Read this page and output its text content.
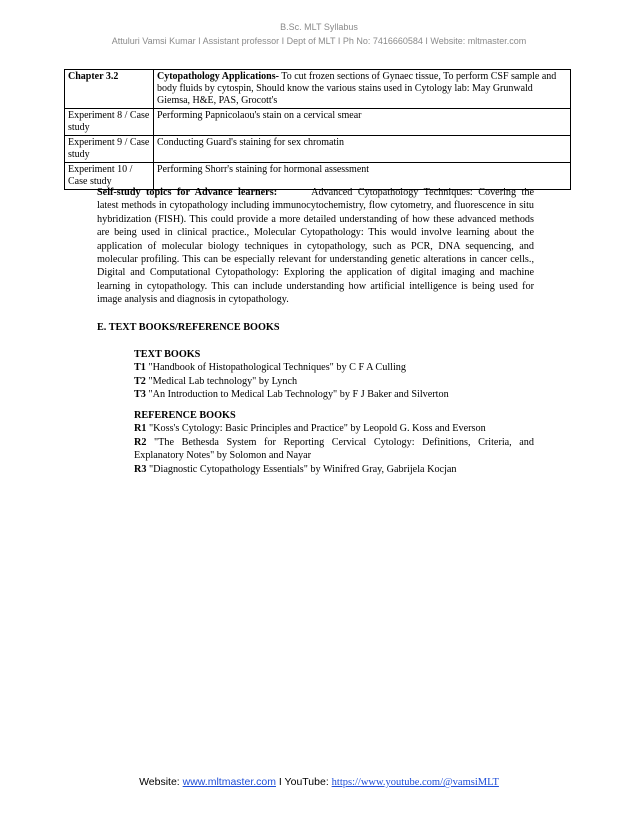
B.Sc. MLT Syllabus
Attuluri Vamsi Kumar I Assistant professor I Dept of MLT I Ph No: 7416660584 I Website: mltmaster.com
Chapter 3.2	Cytopathology Applications- To cut frozen sections of Gynaec tissue, To perform CSF sample and body fluids by cytospin, Should know the various stains used in Cytology lab: May Grunwald Giemsa, H&E, PAS, Grocott's
Experiment 8 / Case study	Performing Papnicolaou's stain on a cervical smear
Experiment 9 / Case study	Conducting Guard's staining for sex chromatin
Experiment 10 / Case study	Performing Shorr's staining for hormonal assessment
Self-study topics for Advance learners:	Advanced Cytopathology Techniques: Covering the latest methods in cytopathology including immunocytochemistry, flow cytometry, and fluorescence in situ hybridization (FISH). This could provide a more detailed understanding of how these advanced methods are being used in clinical practice., Molecular Cytopathology: This would involve learning about the application of molecular biology techniques in cytopathology, such as PCR, DNA sequencing, and molecular profiling. This can be especially relevant for understanding genetic alterations in cancer cells., Digital and Computational Cytopathology: Exploring the application of digital imaging and machine learning in cytopathology. This can include understanding how artificial intelligence is being used for image analysis and diagnosis in cytopathology.
E. TEXT BOOKS/REFERENCE BOOKS
TEXT BOOKS
T1 "Handbook of Histopathological Techniques" by C F A Culling
T2 "Medical Lab technology" by Lynch
T3 "An Introduction to Medical Lab Technology" by F J Baker and Silverton
REFERENCE BOOKS
R1 "Koss's Cytology: Basic Principles and Practice" by Leopold G. Koss and Everson
R2 "The Bethesda System for Reporting Cervical Cytology: Definitions, Criteria, and Explanatory Notes" by Solomon and Nayar
R3 "Diagnostic Cytopathology Essentials" by Winifred Gray, Gabrijela Kocjan
Website: www.mltmaster.com I YouTube: https://www.youtube.com/@vamsiMLT
